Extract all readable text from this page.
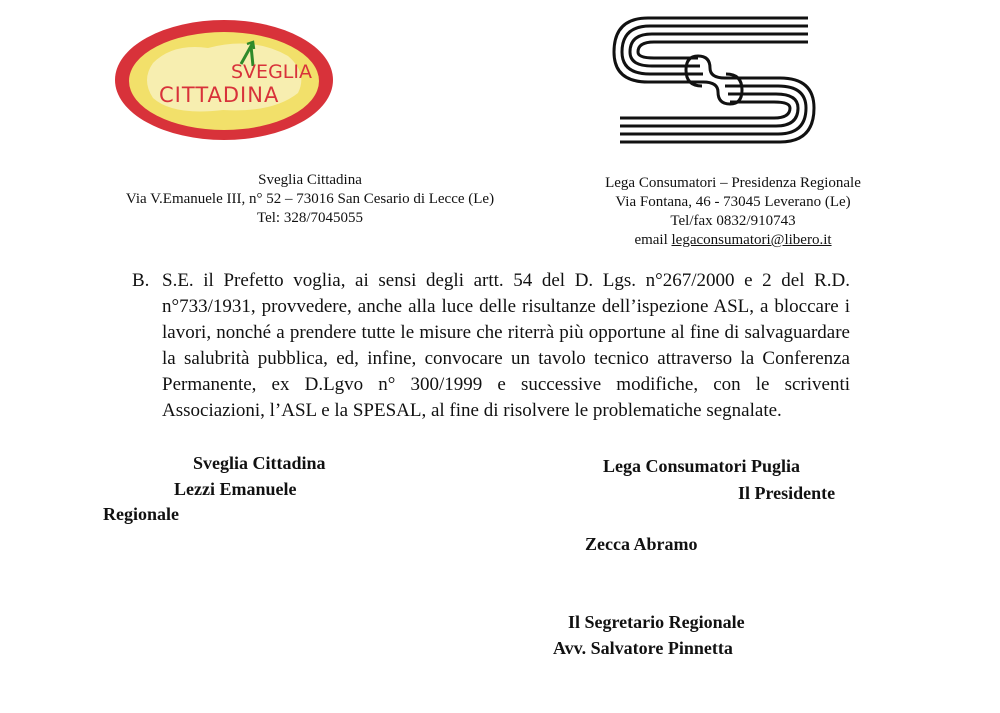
SVEGLIA
CITTADINA
Sveglia Cittadina
Via V.Emanuele III, n° 52 – 73016 San Cesario di Lecce (Le)
Tel: 328/7045055
Lega Consumatori – Presidenza Regionale
Via Fontana, 46 - 73045 Leverano (Le)
Tel/fax 0832/910743
email legaconsumatori@libero.it
B. S.E. il Prefetto voglia, ai sensi degli artt. 54 del D. Lgs. n°267/2000 e 2 del R.D. n°733/1931, provvedere, anche alla luce delle risultanze dell’ispezione ASL, a bloccare i lavori, nonché a prendere tutte le misure che riterrà più opportune al fine di salvaguardare la salubrità pubblica, ed, infine, convocare un tavolo tecnico attraverso la Conferenza Permanente, ex D.Lgvo n° 300/1999 e successive modifiche, con le scriventi Associazioni, l’ASL e la SPESAL, al fine di risolvere le problematiche segnalate.
Sveglia Cittadina
Lezzi Emanuele
Regionale
Lega Consumatori Puglia
Il Presidente
Zecca Abramo
Il Segretario Regionale
Avv. Salvatore Pinnetta
